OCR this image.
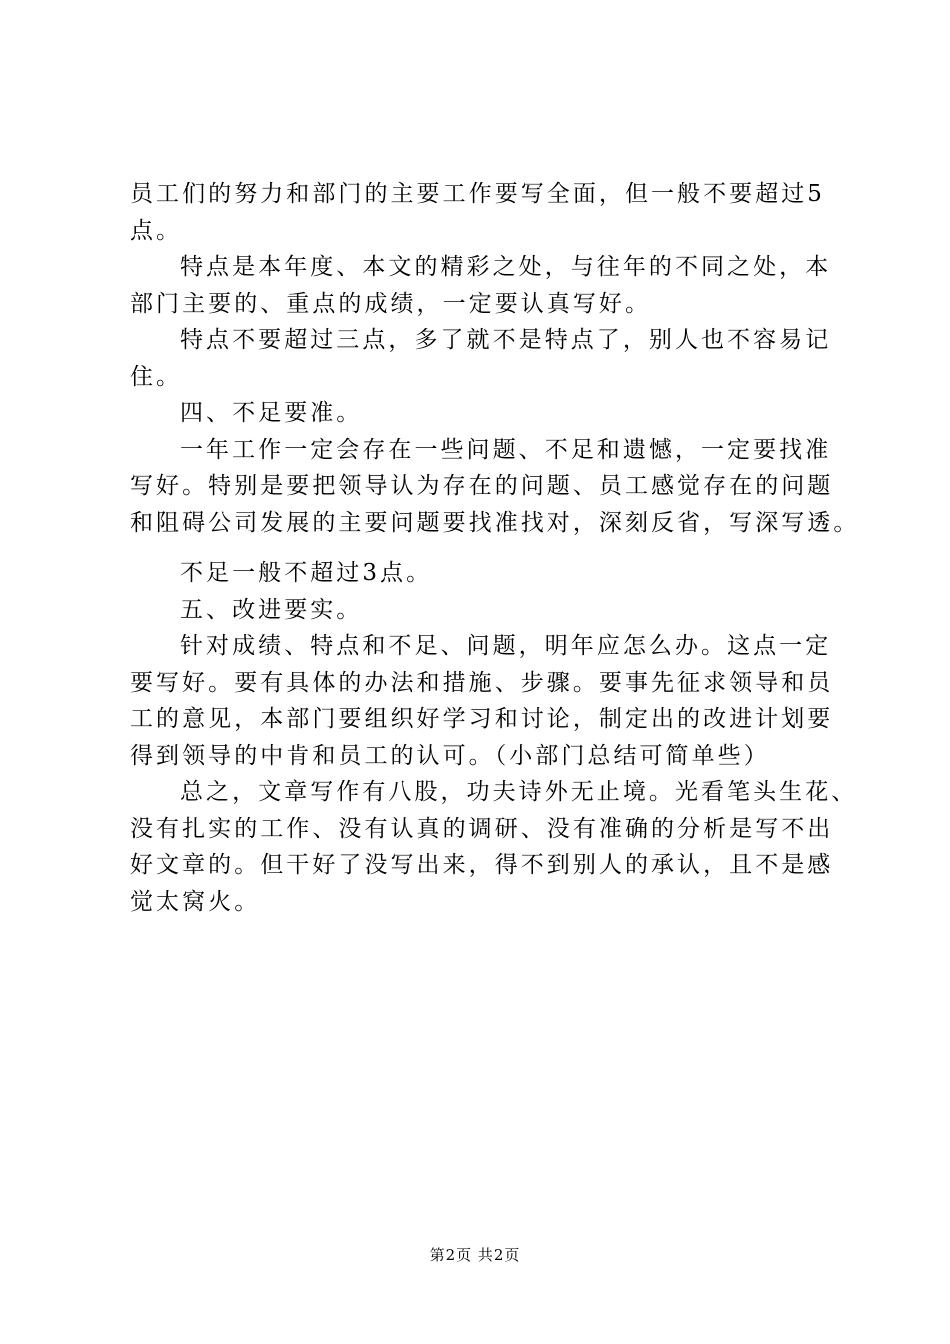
员工们的努力和部门的主要工作要写全面，但一般不要超过5
点。
特点是本年度、本文的精彩之处，与往年的不同之处，本
部门主要的、重点的成绩，一定要认真写好。
特点不要超过三点，多了就不是特点了，别人也不容易记
住。
四、不足要准。
一年工作一定会存在一些问题、不足和遗憾，一定要找准
写好。特别是要把领导认为存在的问题、员工感觉存在的问题
和阻碍公司发展的主要问题要找准找对，深刻反省，写深写透。
不足一般不超过3点。
五、改进要实。
针对成绩、特点和不足、问题，明年应怎么办。这点一定
要写好。要有具体的办法和措施、步骤。要事先征求领导和员
工的意见，本部门要组织好学习和讨论，制定出的改进计划要
得到领导的中肯和员工的认可。（小部门总结可简单些）
总之，文章写作有八股，功夫诗外无止境。光看笔头生花、
没有扎实的工作、没有认真的调研、没有准确的分析是写不出
好文章的。但干好了没写出来，得不到别人的承认，且不是感
觉太窝火。
第2页 共2页
